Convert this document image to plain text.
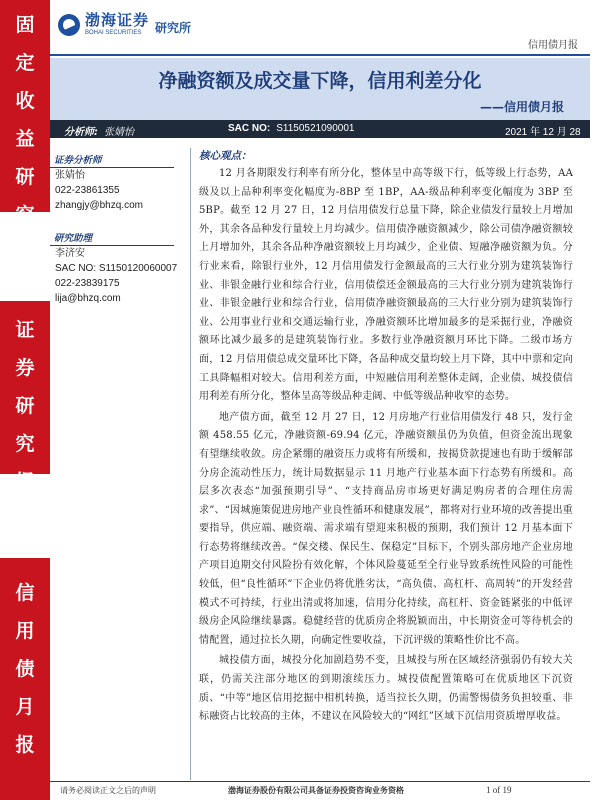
固
定
收
益
研
究
证
券
研
究
报
告
信
用
债
月
报
渤海证券
BOHAI SECURITIES	研究所
信用债月报
净融资额及成交量下降，信用利差分化
——信用债月报
分析师: 张婧怡	SAC NO: S1150521090001	2021 年 12 月 28 日
证券分析师
张婧怡
022-23861355
zhangjy@bhzq.com
研究助理
李济安
SAC NO: S1150120060007
022-23839175
lija@bhzq.com
核心观点：

12 月各期限发行利率有所分化，整体呈中高等级下行，低等级上行态势，AA 级及以上品种利率变化幅度为-8BP 至 1BP，AA-级品种利率变化幅度为 3BP 至 5BP。截至 12 月 27 日，12 月信用债发行总量下降，除企业债发行量较上月增加外，其余各品种发行量较上月均减少。信用债净融资额减少，除公司债净融资额较上月增加外，其余各品种净融资额较上月均减少，企业债、短融净融资额为负。分行业来看，除银行业外，12 月信用债发行金额最高的三大行业分别为建筑装饰行业、非银金融行业和综合行业，信用债偿还金额最高的三大行业分别为建筑装饰行业、非银金融行业和综合行业，信用债净融资额最高的三大行业分别为建筑装饰行业、公用事业行业和交通运输行业，净融资额环比增加最多的是采掘行业，净融资额环比减少最多的是建筑装饰行业。多数行业净融资额月环比下降。二级市场方面，12 月信用债总成交量环比下降，各品种成交量均较上月下降，其中中票和定向工具降幅相对较大。信用利差方面，中短融信用利差整体走阔，企业债、城投债信用利差有所分化，整体呈高等级品种走阔、中低等级品种收窄的态势。

地产债方面，截至 12 月 27 日，12 月房地产行业信用债发行 48 只，发行金额 458.55 亿元，净融资额-69.94 亿元，净融资额虽仍为负值，但资金流出现象有望继续收敛。房企紧绷的融资压力或将有所缓和，按揭贷款提速也有助于缓解部分房企流动性压力，统计局数据显示 11 月地产行业基本面下行态势有所缓和。高层多次表态“加强预期引导”、“支持商品房市场更好满足购房者的合理住房需求”、“因城施策促进房地产业良性循环和健康发展”，都将对行业环境的改善提出重要指导，供应端、融资端、需求端有望迎来积极的预期，我们预计 12 月基本面下行态势将继续改善。“保交楼、保民生、保稳定”目标下，个别头部房地产企业房地产项目迫期交付风险扮有效化解，个体风险蔓延至全行业导致系统性风险的可能性较低，但“良性循环”下企业仍将优胜劣汰，“高负债、高杠杆、高周转”的开发经营模式不可持续，行业出清或将加速，信用分化持续，高杠杆、资金链紧张的中低评级房企风险继续暴露。稳健经营的优质房企将脱颖而出，中长期资金可等待机会的情配置，通过拉长久期，向确定性要收益，下沉评级的策略性价比不高。

城投债方面，城投分化加剧趋势不变，且城投与所在区域经济强弱仍有较大关联，仍需关注部分地区的到期滚续压力。城投债配置策略可在优质地区下沉资质、“中等”地区信用挖掘中相机转换，适当拉长久期，仍需警惕债务负担较重、非标融资占比较高的主体，不建议在风险较大的“网红”区域下沉信用资质增厚收益。

请务必阅读正文之后的声明	渤海证券股份有限公司具备证券投资咨询业务资格	1 of 19
